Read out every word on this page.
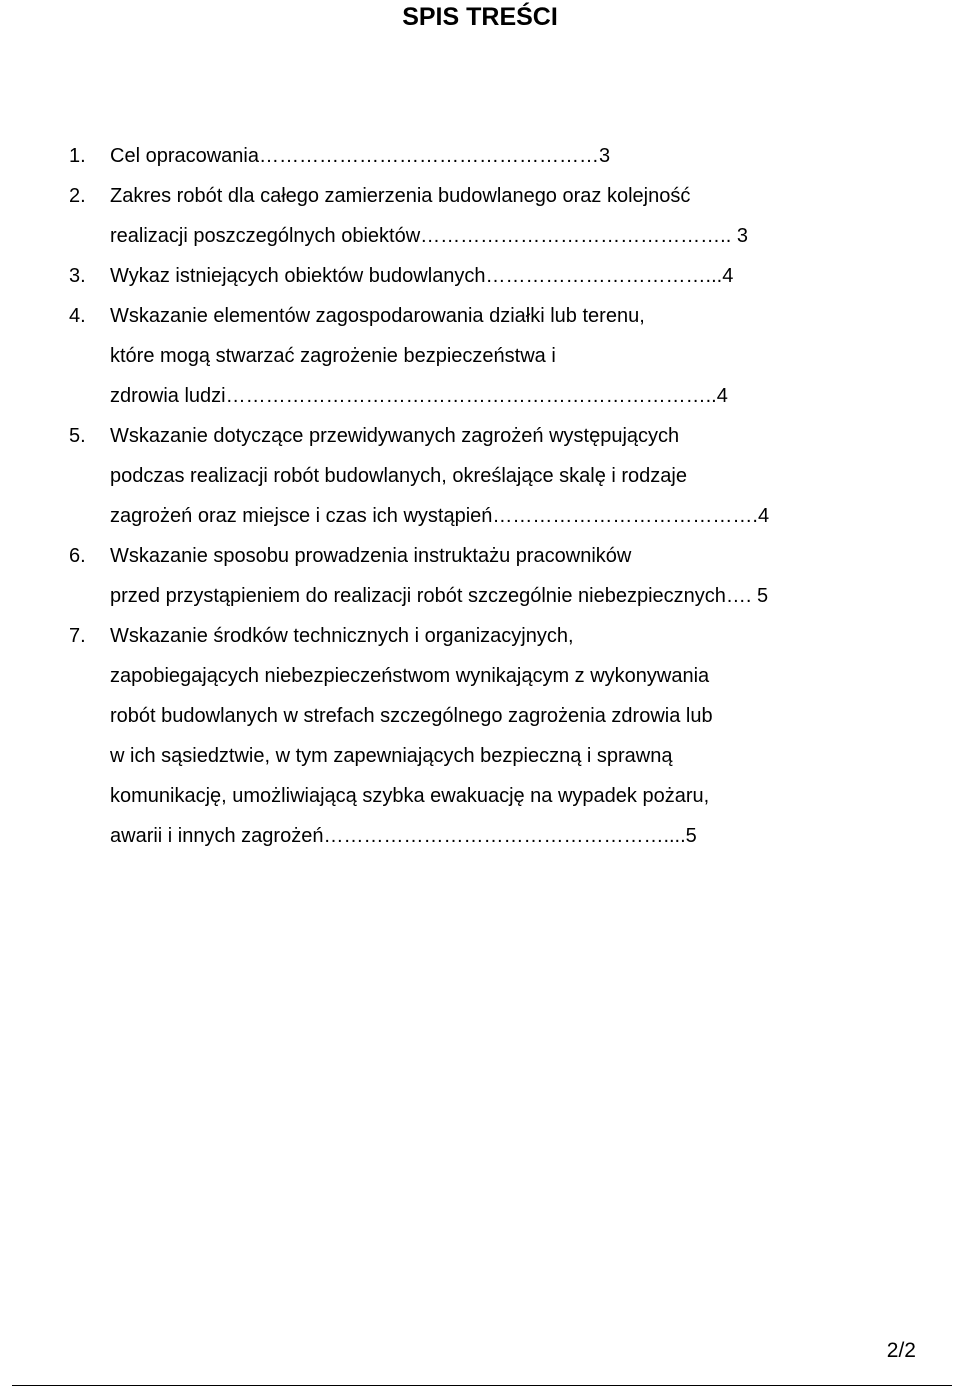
SPIS TREŚCI
1. Cel opracowania……………………………………………3
2. Zakres robót dla całego zamierzenia budowlanego oraz kolejność
realizacji poszczególnych obiektów……………………………………….. 3
3. Wykaz istniejących obiektów budowlanych……………………………...4
4. Wskazanie elementów zagospodarowania działki lub terenu,
które mogą stwarzać zagrożenie bezpieczeństwa i
zdrowia ludzi………………………………………………………………..4
5. Wskazanie dotyczące przewidywanych zagrożeń występujących
podczas realizacji robót budowlanych, określające skalę i rodzaje
zagrożeń oraz miejsce i czas ich wystąpień………………………………….4
6. Wskazanie sposobu prowadzenia instruktażu pracowników
przed przystąpieniem do realizacji robót szczególnie niebezpiecznych…. 5
7. Wskazanie środków technicznych i organizacyjnych,
zapobiegających niebezpieczeństwom wynikającym z wykonywania
robót budowlanych w strefach szczególnego zagrożenia zdrowia lub
w ich sąsiedztwie, w tym zapewniających bezpieczną i sprawną
komunikację, umożliwiającą szybka ewakuację na wypadek pożaru,
awarii i innych zagrożeń……………………………………………....5
2/2
